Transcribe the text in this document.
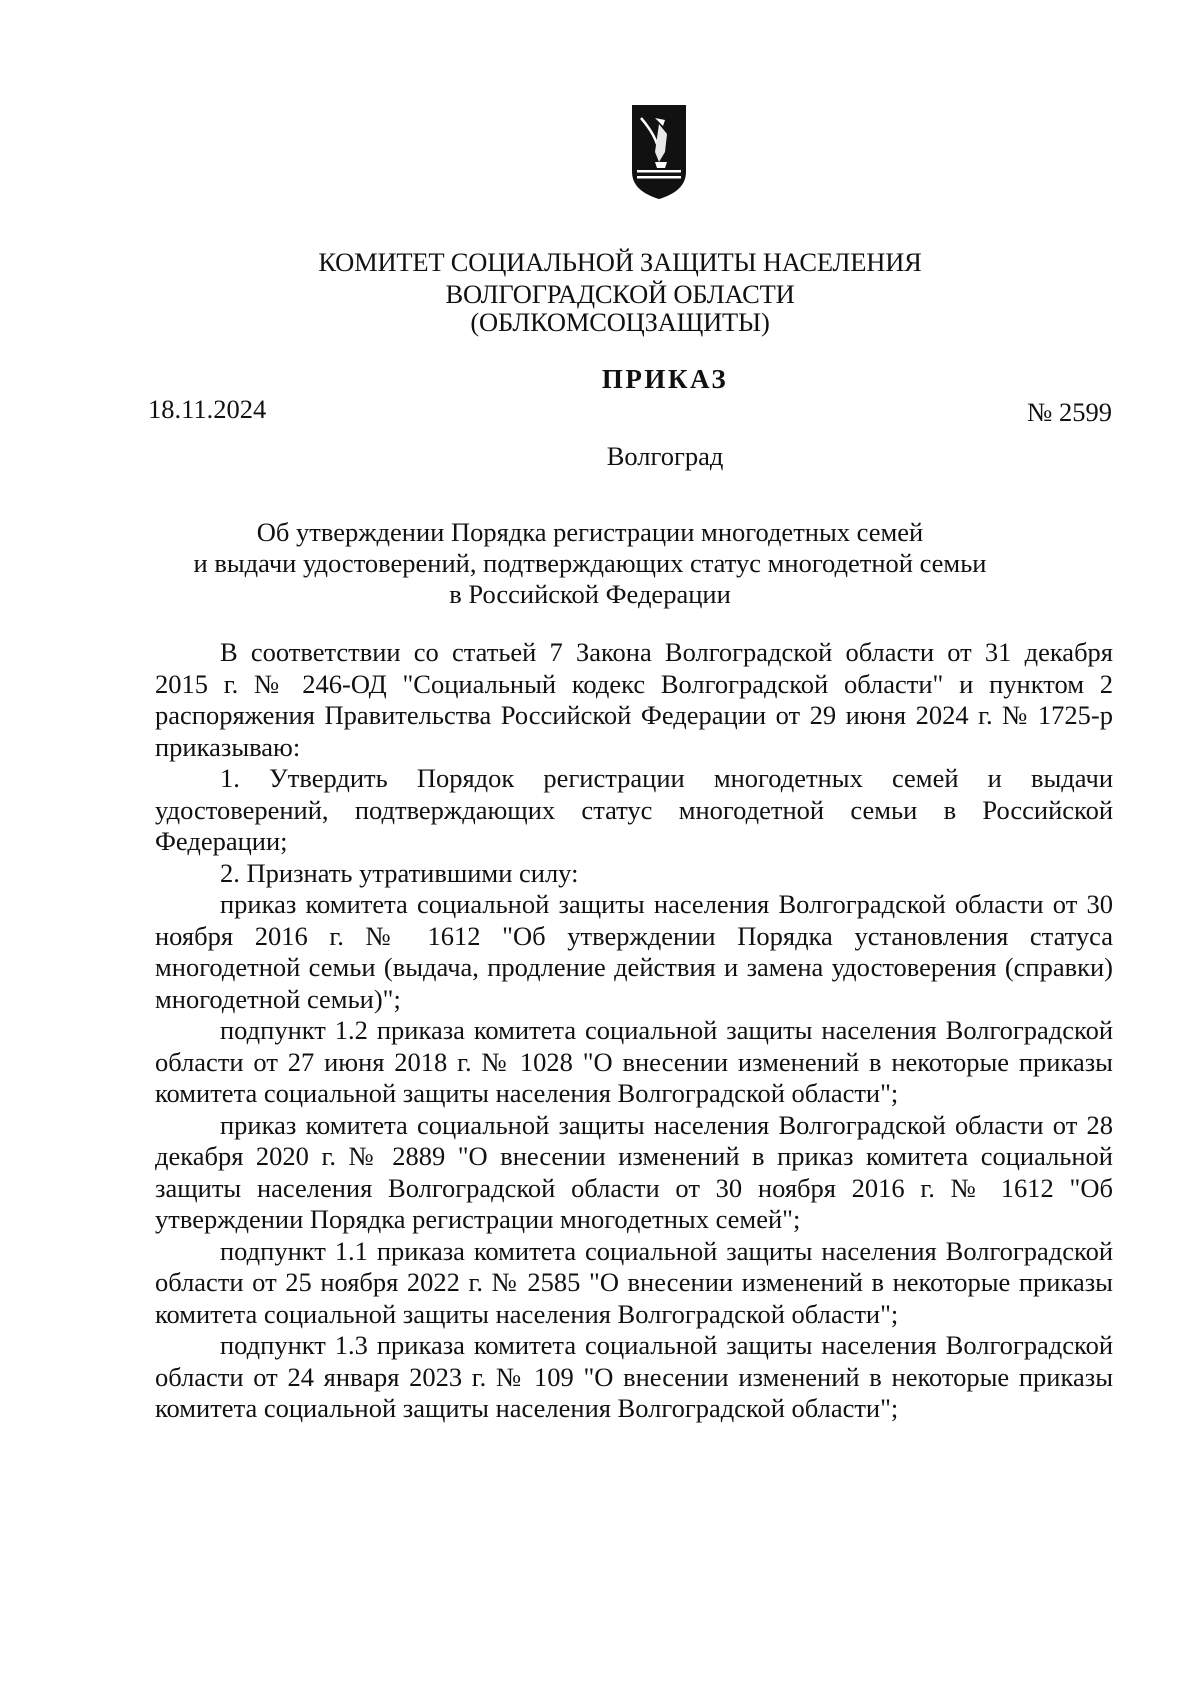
КОМИТЕТ СОЦИАЛЬНОЙ ЗАЩИТЫ НАСЕЛЕНИЯ
ВОЛГОГРАДСКОЙ ОБЛАСТИ
(ОБЛКОМСОЦЗАЩИТЫ)
ПРИКАЗ
18.11.2024	№ 2599
Волгоград
Об утверждении Порядка регистрации многодетных семей
и выдачи удостоверений, подтверждающих статус многодетной семьи
в Российской Федерации

В соответствии со статьей 7 Закона Волгоградской области от 31 декабря 2015 г. № 246-ОД "Социальный кодекс Волгоградской области" и пунктом 2 распоряжения Правительства Российской Федерации от 29 июня 2024 г. № 1725-р приказываю:

1. Утвердить Порядок регистрации многодетных семей и выдачи удостоверений, подтверждающих статус многодетной семьи в Российской Федерации;

2. Признать утратившими силу:

приказ комитета социальной защиты населения Волгоградской области от 30 ноября 2016 г. № 1612 "Об утверждении Порядка установления статуса многодетной семьи (выдача, продление действия и замена удостоверения (справки) многодетной семьи)";

подпункт 1.2 приказа комитета социальной защиты населения Волгоградской области от 27 июня 2018 г. № 1028 "О внесении изменений в некоторые приказы комитета социальной защиты населения Волгоградской области";

приказ комитета социальной защиты населения Волгоградской области от 28 декабря 2020 г. № 2889 "О внесении изменений в приказ комитета социальной защиты населения Волгоградской области от 30 ноября 2016 г. № 1612 "Об утверждении Порядка регистрации многодетных семей";

подпункт 1.1 приказа комитета социальной защиты населения Волгоградской области от 25 ноября 2022 г. № 2585 "О внесении изменений в некоторые приказы комитета социальной защиты населения Волгоградской области";

подпункт 1.3 приказа комитета социальной защиты населения Волгоградской области от 24 января 2023 г. № 109 "О внесении изменений в некоторые приказы комитета социальной защиты населения Волгоградской области";
